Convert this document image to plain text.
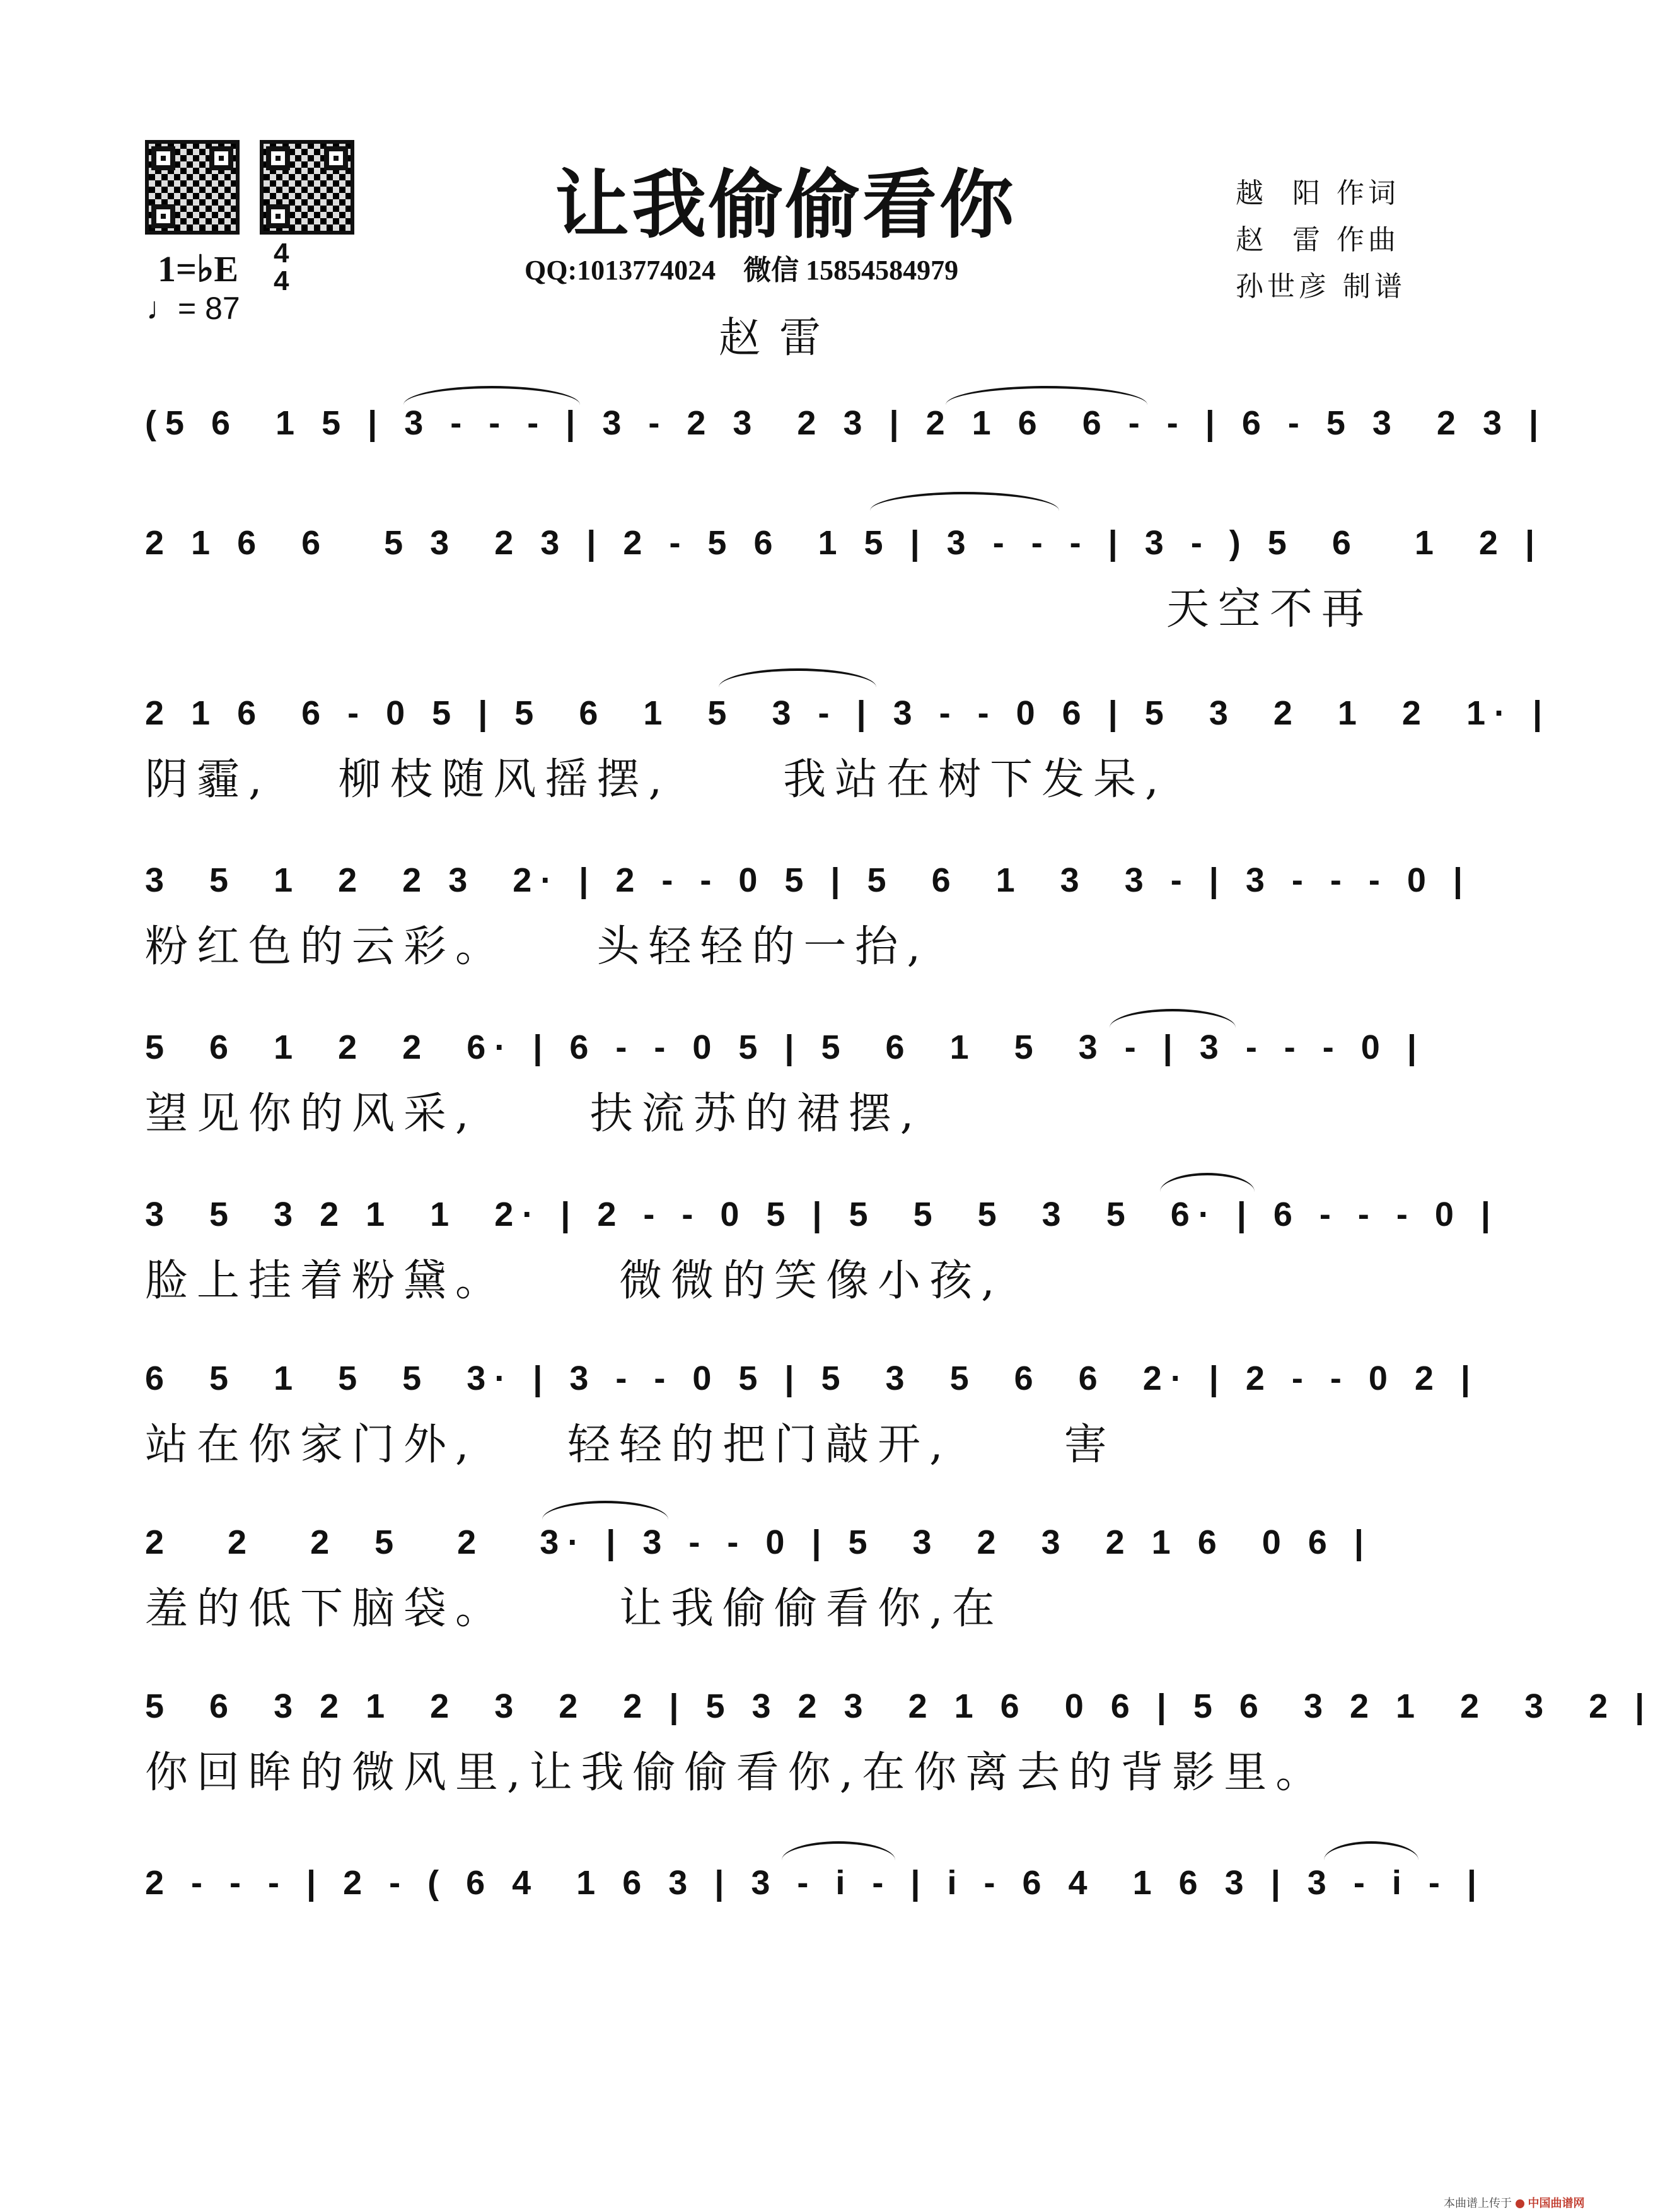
让我偷偷看你
QQ:1013774024    微信 15854584979
赵雷
越  阳 作词
赵  雷 作曲
孙世彦 制谱
1=♭E 4
4
♩= 87
(5 6  1 5 | 3 - - - | 3 - 2 3  2 3 | 2 1 6  6 - - | 6 - 5 3  2 3 |
2 1 6  6   5 3  2 3 | 2 - 5 6  1 5 | 3 - - - | 3 - ) 5  6   1  2 |
天空不再
2 1 6  6 - 0 5 | 5  6  1  5  3 - | 3 - - 0 6 | 5  3  2  1  2  1· |
阴霾,   柳枝随风摇摆,     我站在树下发呆,
3  5  1  2  2 3  2· | 2 - - 0 5 | 5  6  1  3  3 - | 3 - - - 0 |
粉红色的云彩。    头轻轻的一抬,
5  6  1  2  2  6· | 6 - - 0 5 | 5  6  1  5  3 - | 3 - - - 0 |
望见你的风采,     扶流苏的裙摆,
3  5  3 2 1  1  2· | 2 - - 0 5 | 5  5  5  3  5  6· | 6 - - - 0 |
脸上挂着粉黛。     微微的笑像小孩,
6  5  1  5  5  3· | 3 - - 0 5 | 5  3  5  6  6  2· | 2 - - 0 2 |
站在你家门外,    轻轻的把门敲开,     害
2   2   2  5   2   3· | 3 - - 0 | 5  3  2  3  2 1 6  0 6 |
羞的低下脑袋。     让我偷偷看你,在
5  6  3 2 1  2  3  2  2 | 5 3 2 3  2 1 6  0 6 | 5 6  3 2 1  2  3  2 |
你回眸的微风里,让我偷偷看你,在你离去的背影里。
2 - - - | 2 - ( 6 4  1 6 3 | 3 - i - | i - 6 4  1 6 3 | 3 - i - |
本曲谱上传于 中国曲谱网
